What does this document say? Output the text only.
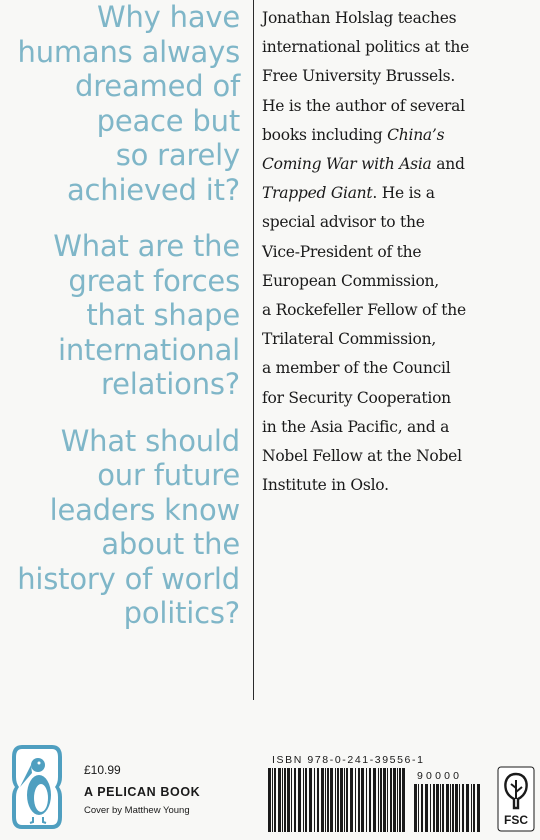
Why have
humans always
dreamed of
peace but
so rarely
achieved it?
What are the
great forces
that shape
international
relations?
What should
our future
leaders know
about the
history of world
politics?
Jonathan Holslag teaches
international politics at the
Free University Brussels.
He is the author of several
books including China’s
Coming War with Asia and
Trapped Giant. He is a
special advisor to the
Vice-President of the
European Commission,
a Rockefeller Fellow of the
Trilateral Commission,
a member of the Council
for Security Cooperation
in the Asia Pacific, and a
Nobel Fellow at the Nobel
Institute in Oslo.
£10.99
A PELICAN BOOK
Cover by Matthew Young
ISBN 978-0-241-39556-1
90000
FSC
